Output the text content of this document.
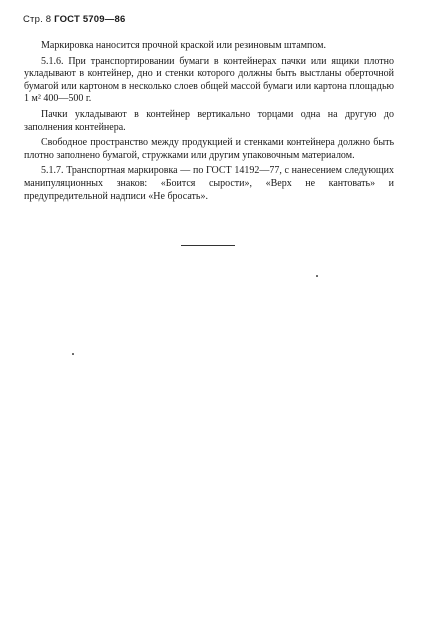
Стр. 8 ГОСТ 5709—86

Маркировка наносится прочной краской или резиновым штампом.

5.1.6. При транспортировании бумаги в контейнерах пачки или ящики плотно укладывают в контейнер, дно и стенки которого должны быть выстланы оберточной бумагой или картоном в несколько слоев общей массой бумаги или картона площадью 1 м² 400—500 г.

Пачки укладывают в контейнер вертикально торцами одна на другую до заполнения контейнера.

Свободное пространство между продукцией и стенками контейнера должно быть плотно заполнено бумагой, стружками или другим упаковочным материалом.

5.1.7. Транспортная маркировка — по ГОСТ 14192—77, с нанесением следующих манипуляционных знаков: «Боится сырости», «Верх не кантовать» и предупредительной надписи «Не бросать».
